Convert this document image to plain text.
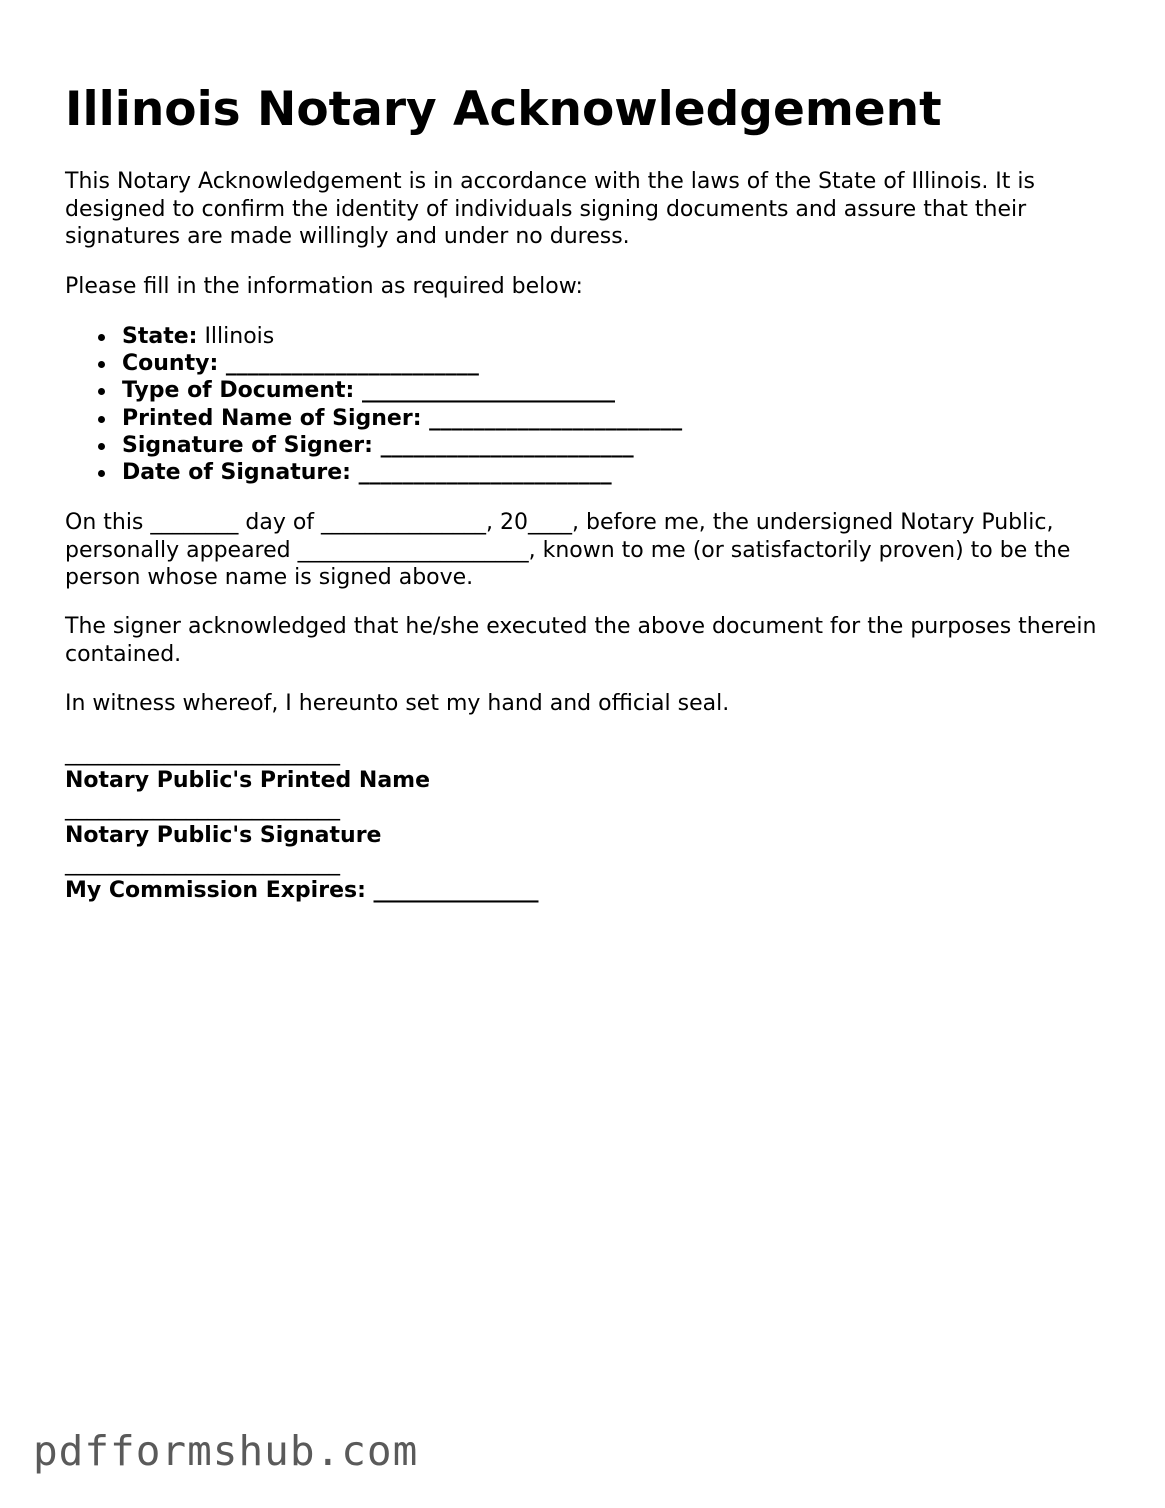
Illinois Notary Acknowledgement

This Notary Acknowledgement is in accordance with the laws of the State of Illinois. It is designed to confirm the identity of individuals signing documents and assure that their signatures are made willingly and under no duress.

Please fill in the information as required below:

State: Illinois
County: _______________________
Type of Document: _______________________
Printed Name of Signer: _______________________
Signature of Signer: _______________________
Date of Signature: _______________________

On this ________ day of _______________, 20____, before me, the undersigned Notary Public, personally appeared _____________________, known to me (or satisfactorily proven) to be the person whose name is signed above.

The signer acknowledged that he/she executed the above document for the purposes therein contained.

In witness whereof, I hereunto set my hand and official seal.

_________________________
Notary Public's Printed Name
_________________________
Notary Public's Signature
_________________________
My Commission Expires: _______________
pdfformshub.com
